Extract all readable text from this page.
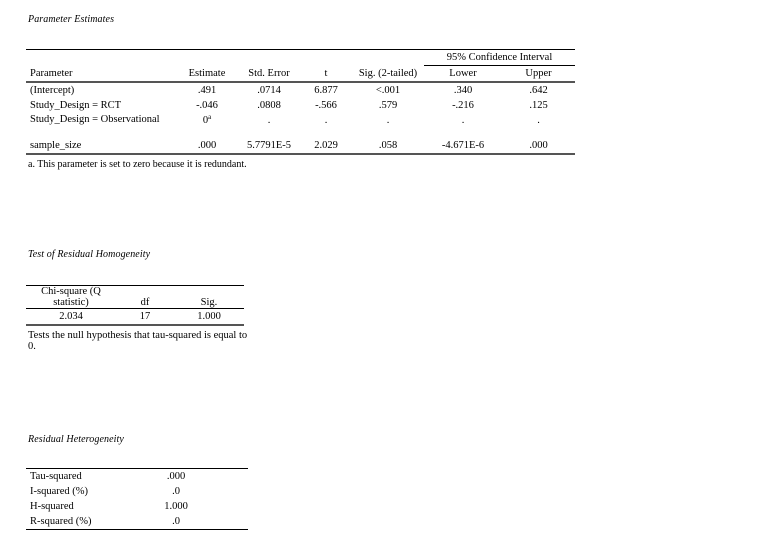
Parameter Estimates
					95% Confidence Interval	
Parameter	Estimate	Std. Error	t	Sig. (2-tailed)	Lower	Upper
(Intercept)	.491	.0714	6.877	<.001	.340	.642
Study_Design = RCT	-.046	.0808	-.566	.579	-.216	.125
Study_Design = Observational	0$^a$	.	.	.	.	.
sample_size	.000	5.7791E-5	2.029	.058	-4.671E-6	.000
a. This parameter is set to zero because it is redundant.
Test of Residual Homogeneity
Chi-square (Q statistic)	df	Sig.
2.034	17	1.000
Tests the null hypothesis that tau-squared is equal to 0.
Residual Heterogeneity
Tau-squared	.000	
I-squared (%)	.0	
H-squared	1.000	
R-squared (%)	.0	
